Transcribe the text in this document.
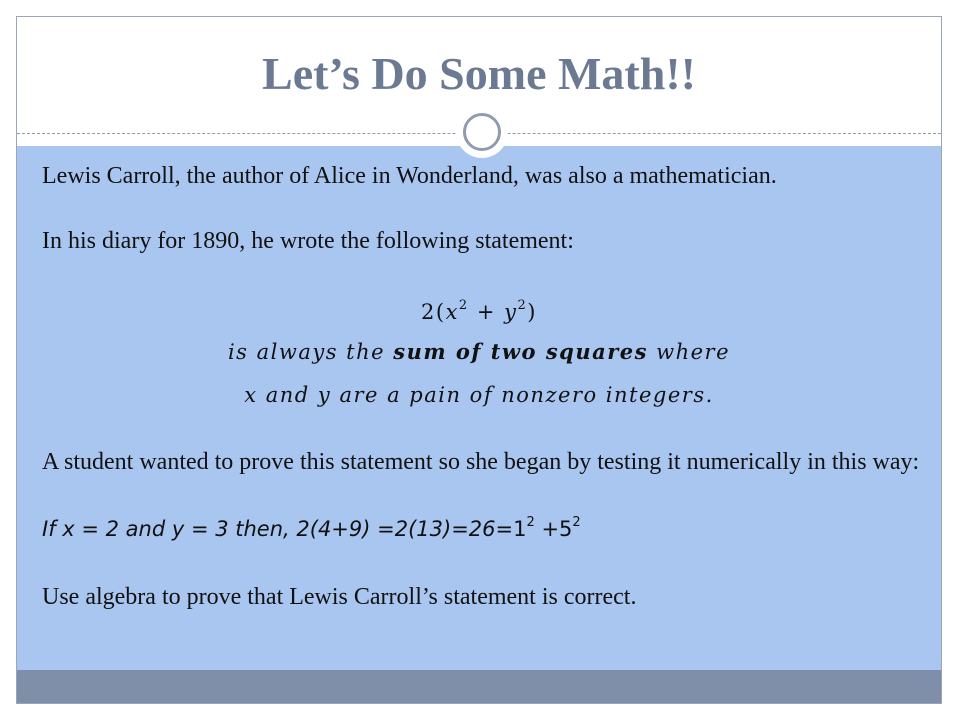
Let’s Do Some Math!!

Lewis Carroll, the author of Alice in Wonderland, was also a mathematician.

In his diary for 1890, he wrote the following statement:

$2(x^2 + y^2)$

is always the sum of two squares where

x and y are a pain of nonzero integers.

A student wanted to prove this statement so she began by testing it numerically in this way:

If x = 2 and y = 3 then, $2(4+9) =2(13)=26=1^2 +5^2$

Use algebra to prove that Lewis Carroll’s statement is correct.
